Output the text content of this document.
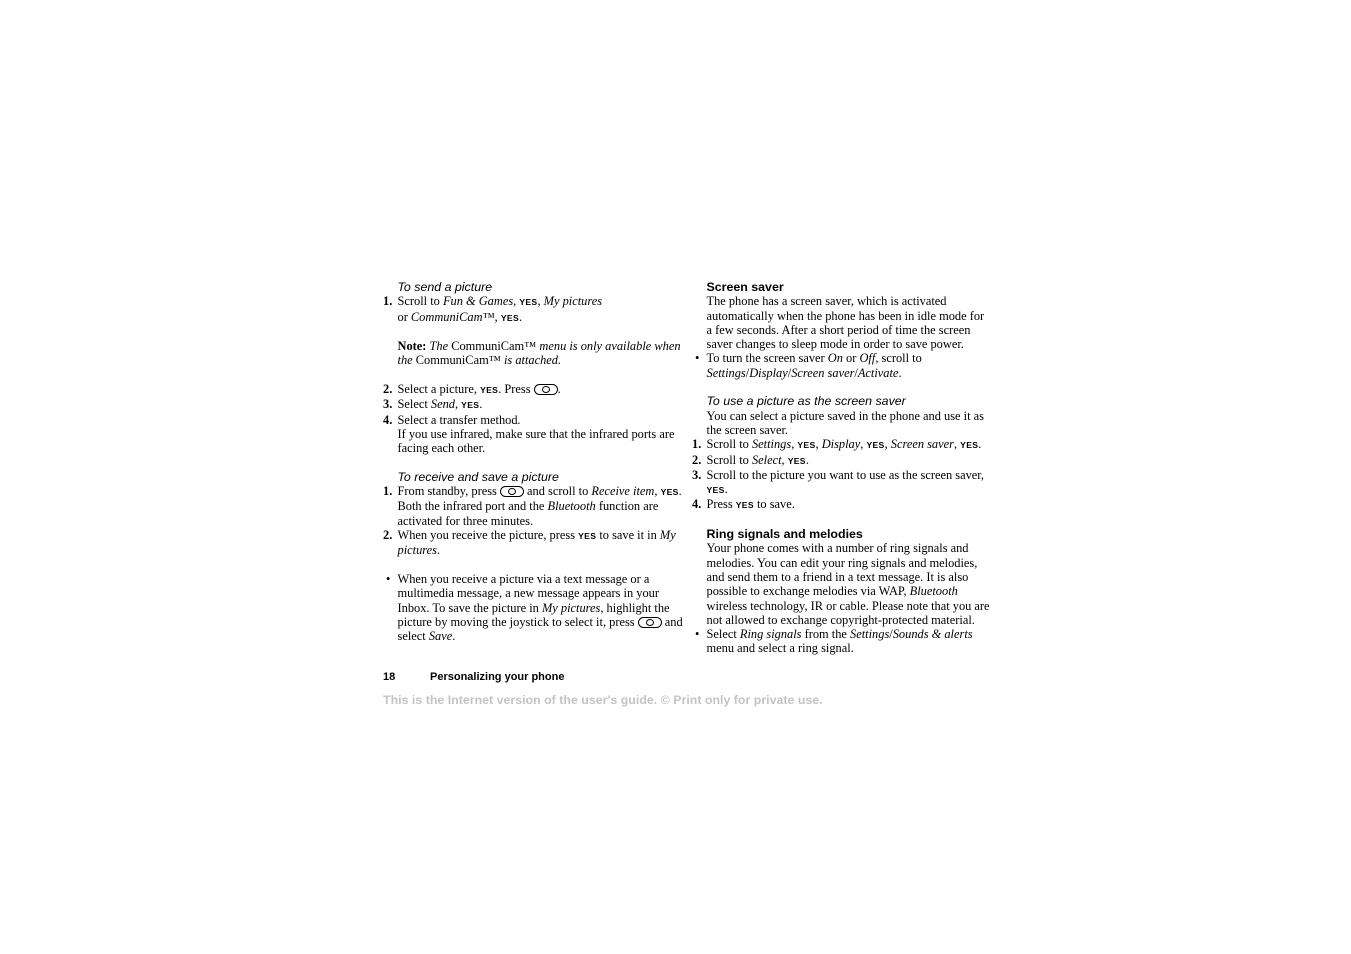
To send a picture

1. Scroll to Fun & Games, YES, My pictures
or CommuniCam™, YES.

Note: The CommuniCam™ menu is only available when the CommuniCam™ is attached.

2. Select a picture, YES. Press .
3. Select Send, YES.
4. Select a transfer method.
If you use infrared, make sure that the infrared ports are facing each other.

To receive and save a picture

1. From standby, press  and scroll to Receive item, YES.
Both the infrared port and the Bluetooth function are activated for three minutes.
2. When you receive the picture, press YES to save it in My pictures.
• When you receive a picture via a text message or a multimedia message, a new message appears in your Inbox. To save the picture in My pictures, highlight the picture by moving the joystick to select it, press  and select Save.

Screen saver

The phone has a screen saver, which is activated automatically when the phone has been in idle mode for a few seconds. After a short period of time the screen saver changes to sleep mode in order to save power.

• To turn the screen saver On or Off, scroll to Settings/Display/Screen saver/Activate.

To use a picture as the screen saver

You can select a picture saved in the phone and use it as the screen saver.

1. Scroll to Settings, YES, Display, YES, Screen saver, YES.
2. Scroll to Select, YES.
3. Scroll to the picture you want to use as the screen saver, YES.
4. Press YES to save.

Ring signals and melodies

Your phone comes with a number of ring signals and melodies. You can edit your ring signals and melodies, and send them to a friend in a text message. It is also possible to exchange melodies via WAP, Bluetooth wireless technology, IR or cable. Please note that you are not allowed to exchange copyright-protected material.

• Select Ring signals from the Settings/Sounds & alerts menu and select a ring signal.
18	Personalizing your phone
This is the Internet version of the user's guide. © Print only for private use.
